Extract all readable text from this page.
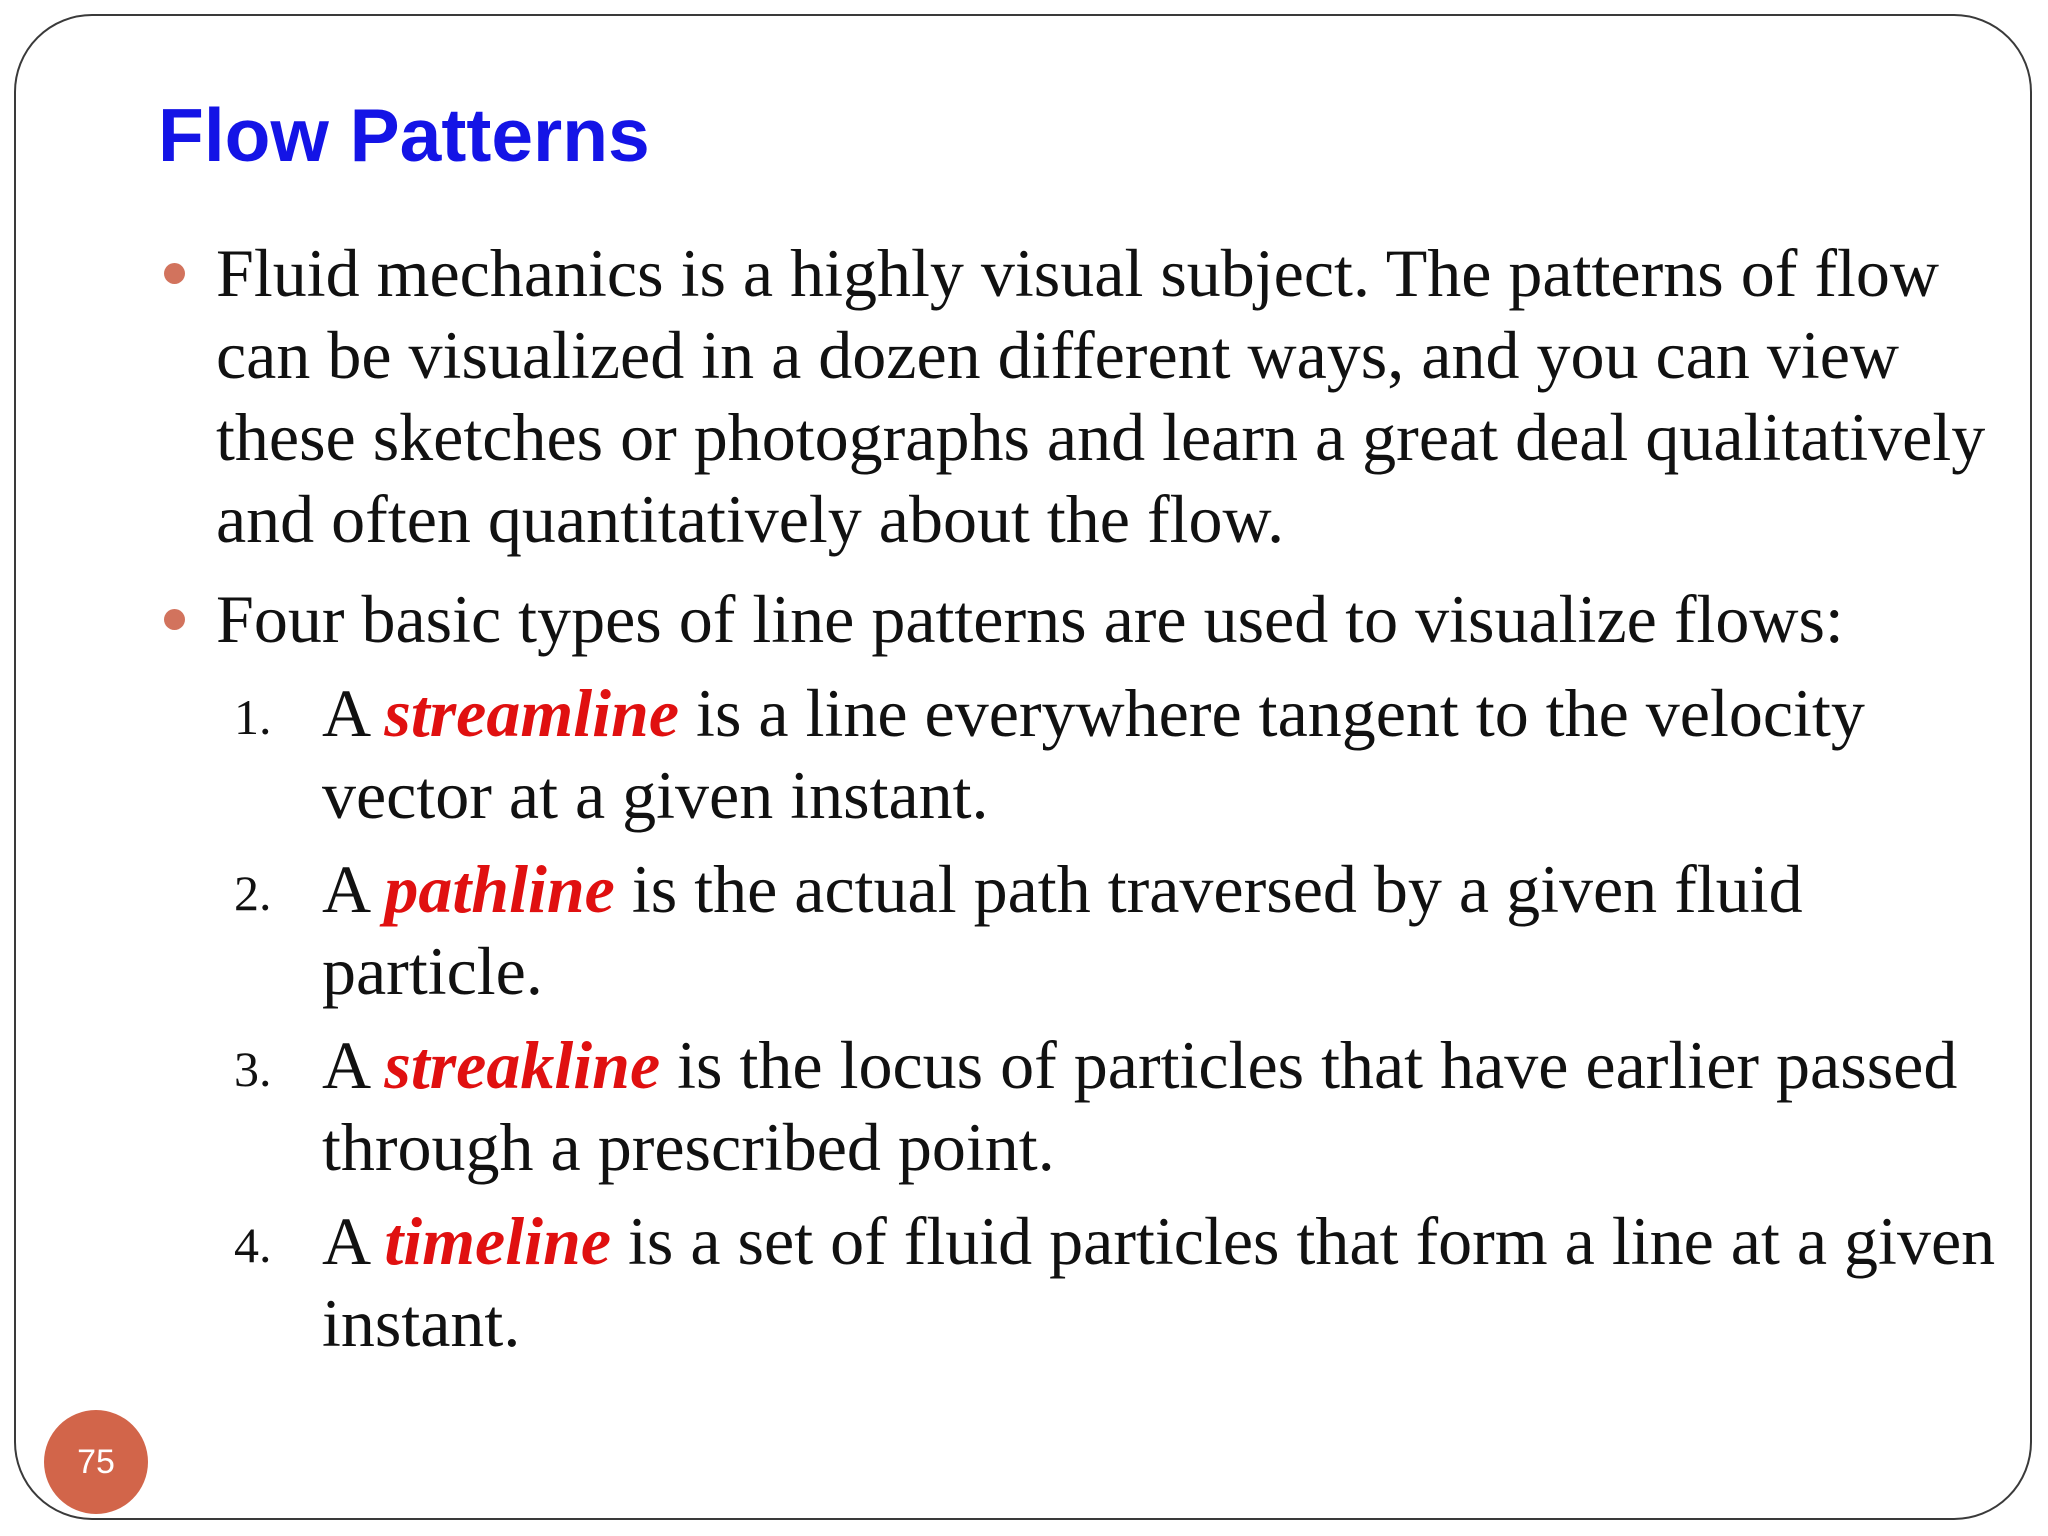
Flow Patterns
Fluid mechanics is a highly visual subject. The patterns of flow can be visualized in a dozen different ways, and you can view these sketches or photographs and learn a great deal qualitatively and often quantitatively about the flow.
Four basic types of line patterns are used to visualize flows:
1. A streamline is a line everywhere tangent to the velocity vector at a given instant.
2. A pathline is the actual path traversed by a given fluid particle.
3. A streakline is the locus of particles that have earlier passed through a prescribed point.
4. A timeline is a set of fluid particles that form a line at a given instant.
75
